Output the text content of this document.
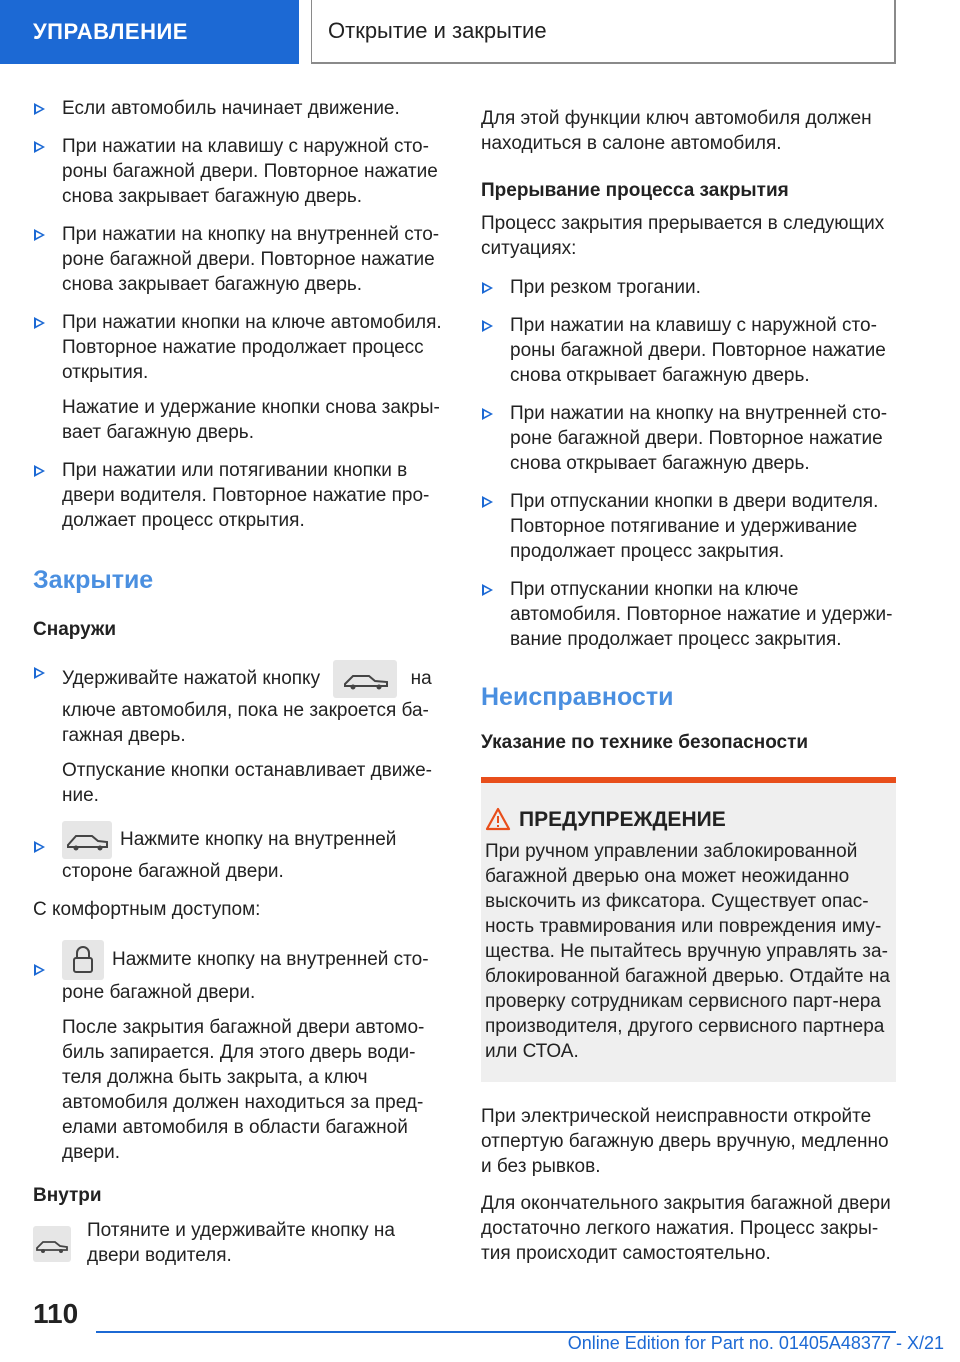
УПРАВЛЕНИЕ	Открытие и закрытие

Если автомобиль начинает движение.

При нажатии на клавишу с наружной сто-роны багажной двери. Повторное нажатие снова закрывает багажную дверь.

При нажатии на кнопку на внутренней сто-роне багажной двери. Повторное нажатие снова закрывает багажную дверь.

При нажатии кнопки на ключе автомобиля. Повторное нажатие продолжает процесс открытия.

Нажатие и удержание кнопки снова закры-вает багажную дверь.

При нажатии или потягивании кнопки в двери водителя. Повторное нажатие про-должает процесс открытия.

Закрытие
Снаружи

Удерживайте нажатой кнопку	на ключе автомобиля, пока не закроется ба-гажная дверь.

Отпускание кнопки останавливает движе-ние.

Нажмите кнопку на внутренней стороне багажной двери.

С комфортным доступом:

Нажмите кнопку на внутренней сто-роне багажной двери.

После закрытия багажной двери автомо-биль запирается. Для этого дверь води-теля должна быть закрыта, а ключ автомобиля должен находиться за пред-елами автомобиля в области багажной двери.

Внутри

Потяните и удерживайте кнопку на двери водителя.

Для этой функции ключ автомобиля должен находиться в салоне автомобиля.

Прерывание процесса закрытия

Процесс закрытия прерывается в следующих ситуациях:

При резком трогании.

При нажатии на клавишу с наружной сто-роны багажной двери. Повторное нажатие снова открывает багажную дверь.

При нажатии на кнопку на внутренней сто-роне багажной двери. Повторное нажатие снова открывает багажную дверь.

При отпускании кнопки в двери водителя. Повторное потягивание и удерживание продолжает процесс закрытия.

При отпускании кнопки на ключе автомобиля. Повторное нажатие и удержи-вание продолжает процесс закрытия.

Неисправности
Указание по технике безопасности
ПРЕДУПРЕЖДЕНИЕ

При ручном управлении заблокированной багажной дверью она может неожиданно выскочить из фиксатора. Существует опас-ность травмирования или повреждения иму-щества. Не пытайтесь вручную управлять за-блокированной багажной дверью. Отдайте на проверку сотрудникам сервисного парт-нера производителя, другого сервисного партнера или СТОА.

При электрической неисправности откройте отпертую багажную дверь вручную, медленно и без рывков.

Для окончательного закрытия багажной двери достаточно легкого нажатия. Процесс закры-тия происходит самостоятельно.

110
Online Edition for Part no. 01405A48377 - X/21
